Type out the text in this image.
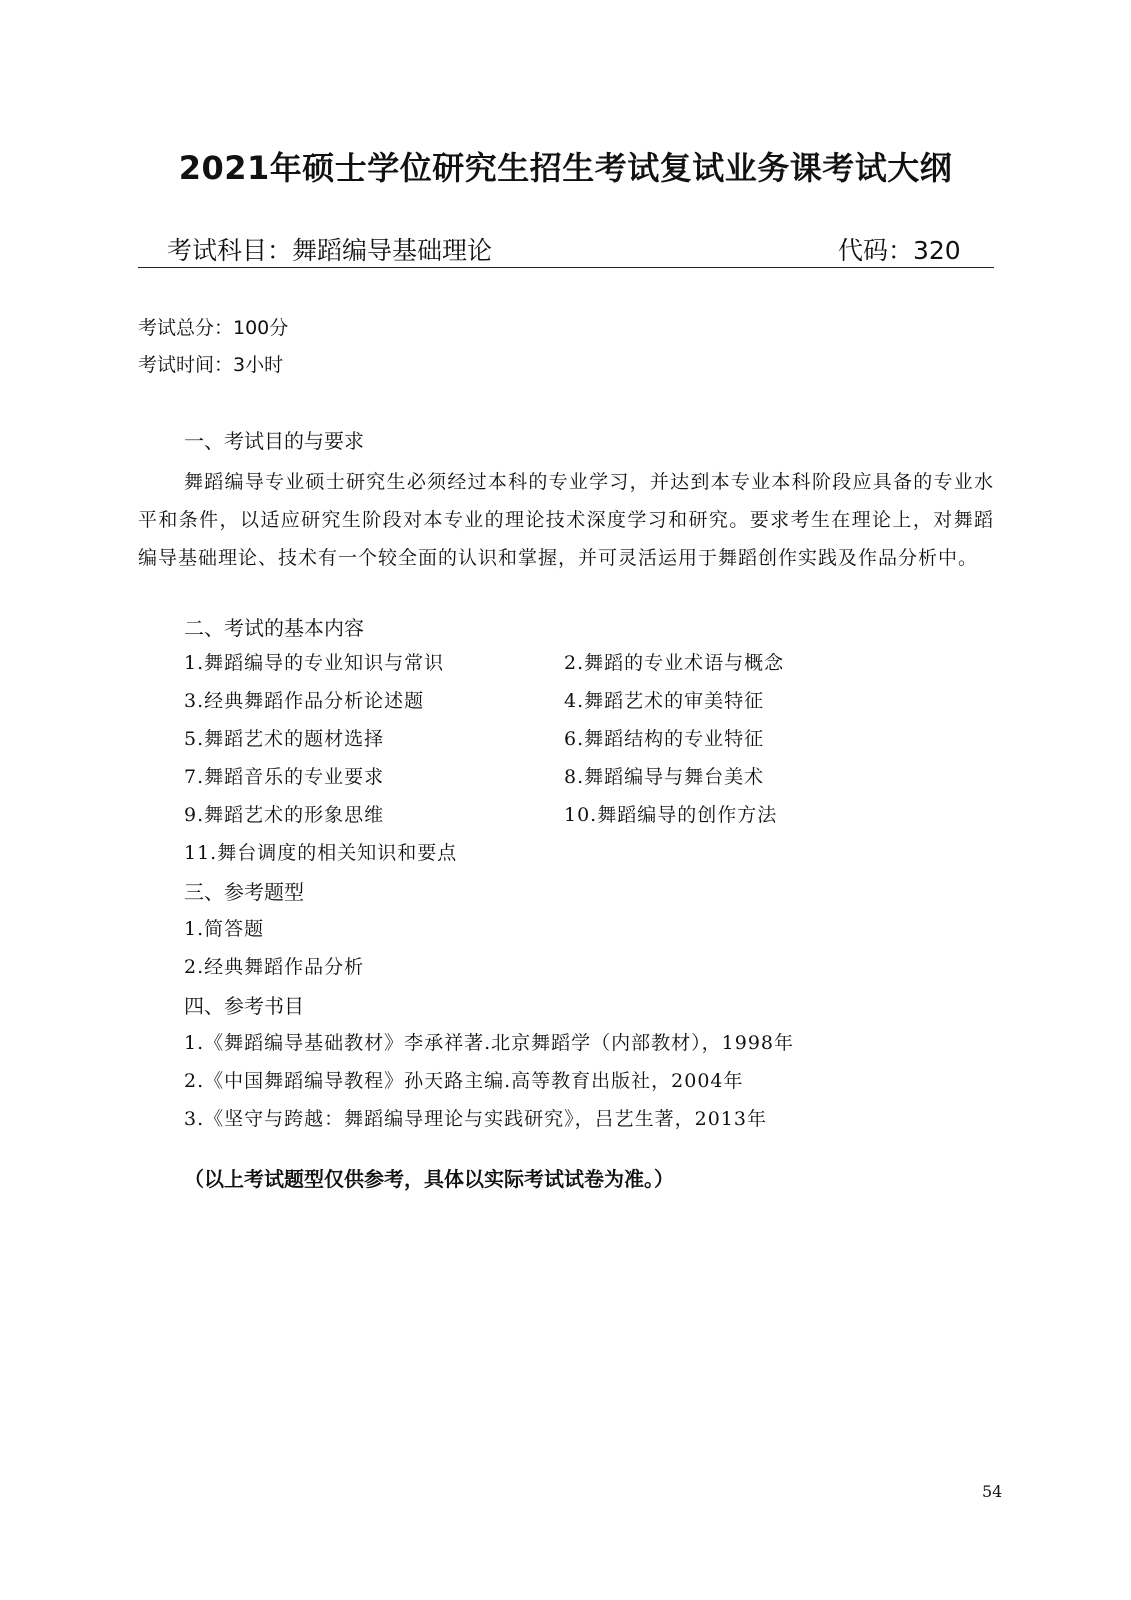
2021年硕士学位研究生招生考试复试业务课考试大纲
考试科目：舞蹈编导基础理论	代码：320
考试总分：100分
考试时间：3小时
一、考试目的与要求
舞蹈编导专业硕士研究生必须经过本科的专业学习，并达到本专业本科阶段应具备的专业水平和条件，以适应研究生阶段对本专业的理论技术深度学习和研究。要求考生在理论上，对舞蹈编导基础理论、技术有一个较全面的认识和掌握，并可灵活运用于舞蹈创作实践及作品分析中。
二、考试的基本内容
1.舞蹈编导的专业知识与常识	2.舞蹈的专业术语与概念
3.经典舞蹈作品分析论述题	4.舞蹈艺术的审美特征
5.舞蹈艺术的题材选择	6.舞蹈结构的专业特征
7.舞蹈音乐的专业要求	8.舞蹈编导与舞台美术
9.舞蹈艺术的形象思维	10.舞蹈编导的创作方法
11.舞台调度的相关知识和要点
三、参考题型
1.简答题
2.经典舞蹈作品分析
四、参考书目
1.《舞蹈编导基础教材》李承祥著.北京舞蹈学（内部教材），1998年
2.《中国舞蹈编导教程》孙天路主编.高等教育出版社，2004年
3.《坚守与跨越：舞蹈编导理论与实践研究》，吕艺生著，2013年
（以上考试题型仅供参考，具体以实际考试试卷为准。）
54
